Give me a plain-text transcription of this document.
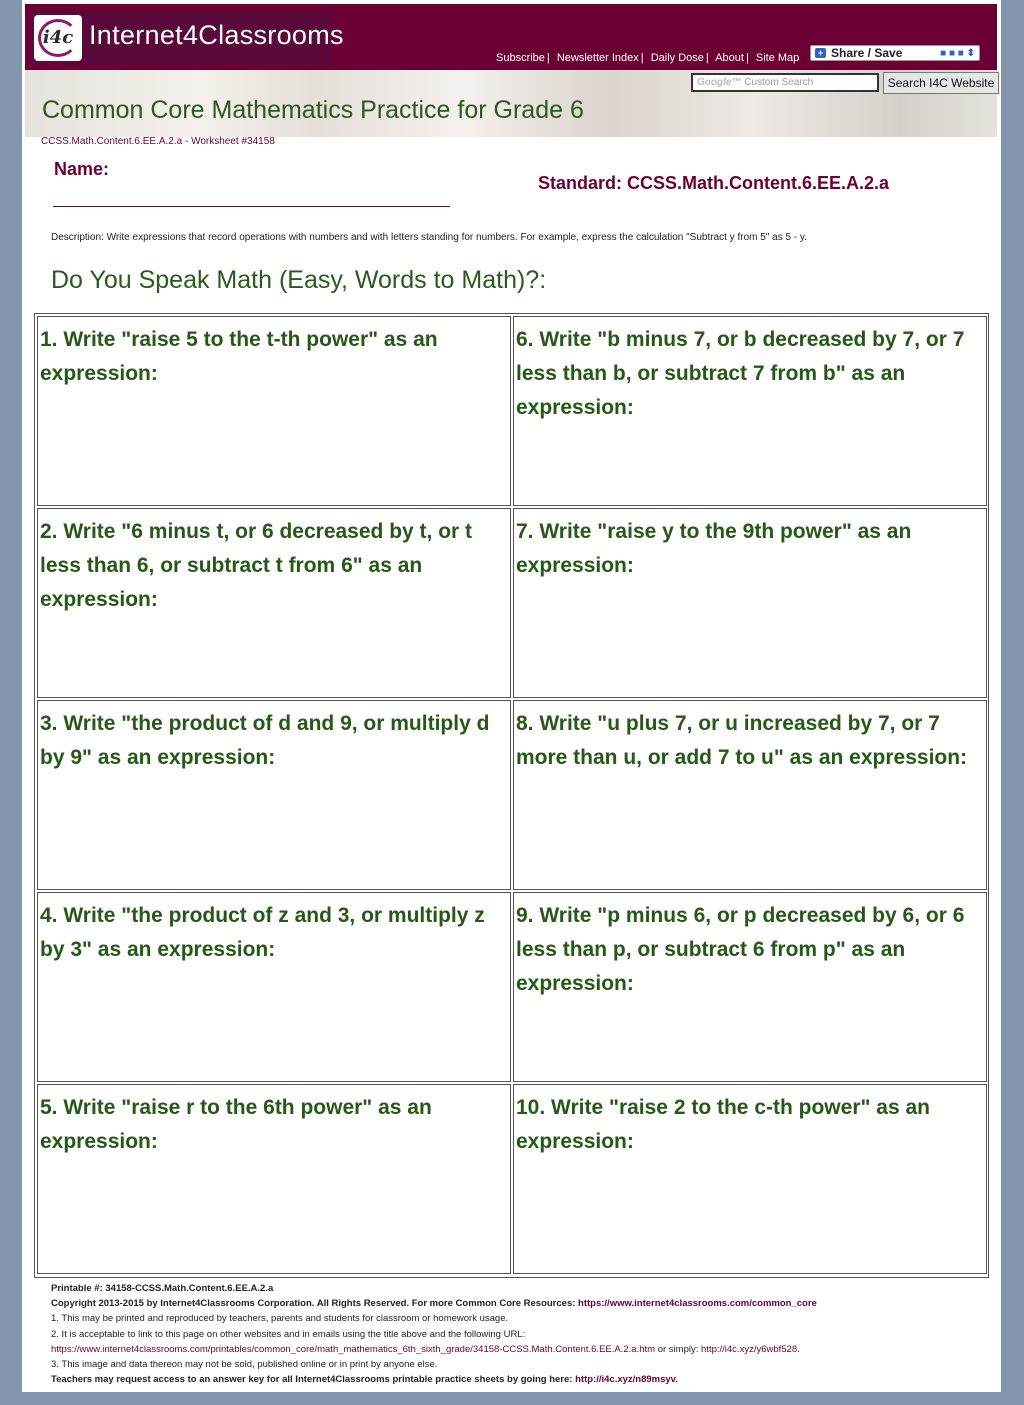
i4c Internet4Classrooms
Subscribe | Newsletter Index | Daily Dose | About | Site Map	+ Share / Save	■ ■ ■ ⬍
Google™ Custom Search	Search I4C Website
Common Core Mathematics Practice for Grade 6
CCSS.Math.Content.6.EE.A.2.a - Worksheet #34158
Name:
Standard: CCSS.Math.Content.6.EE.A.2.a
Description: Write expressions that record operations with numbers and with letters standing for numbers. For example, express the calculation "Subtract y from 5" as 5 - y.
Do You Speak Math (Easy, Words to Math)?:
1. Write "raise 5 to the t-th power" as an expression:
6. Write "b minus 7, or b decreased by 7, or 7 less than b, or subtract 7 from b" as an expression:
2. Write "6 minus t, or 6 decreased by t, or t less than 6, or subtract t from 6" as an expression:
7. Write "raise y to the 9th power" as an expression:
3. Write "the product of d and 9, or multiply d by 9" as an expression:
8. Write "u plus 7, or u increased by 7, or 7 more than u, or add 7 to u" as an expression:
4. Write "the product of z and 3, or multiply z by 3" as an expression:
9. Write "p minus 6, or p decreased by 6, or 6 less than p, or subtract 6 from p" as an expression:
5. Write "raise r to the 6th power" as an expression:
10. Write "raise 2 to the c-th power" as an expression:
Printable #: 34158-CCSS.Math.Content.6.EE.A.2.a
Copyright 2013-2015 by Internet4Classrooms Corporation. All Rights Reserved. For more Common Core Resources: https://www.internet4classrooms.com/common_core
1. This may be printed and reproduced by teachers, parents and students for classroom or homework usage.
2. It is acceptable to link to this page on other websites and in emails using the title above and the following URL:
https://www.internet4classrooms.com/printables/common_core/math_mathematics_6th_sixth_grade/34158-CCSS.Math.Content.6.EE.A.2.a.htm or simply: http://i4c.xyz/y6wbf528.
3. This image and data thereon may not be sold, published online or in print by anyone else.
Teachers may request access to an answer key for all Internet4Classrooms printable practice sheets by going here: http://i4c.xyz/n89msyv.
